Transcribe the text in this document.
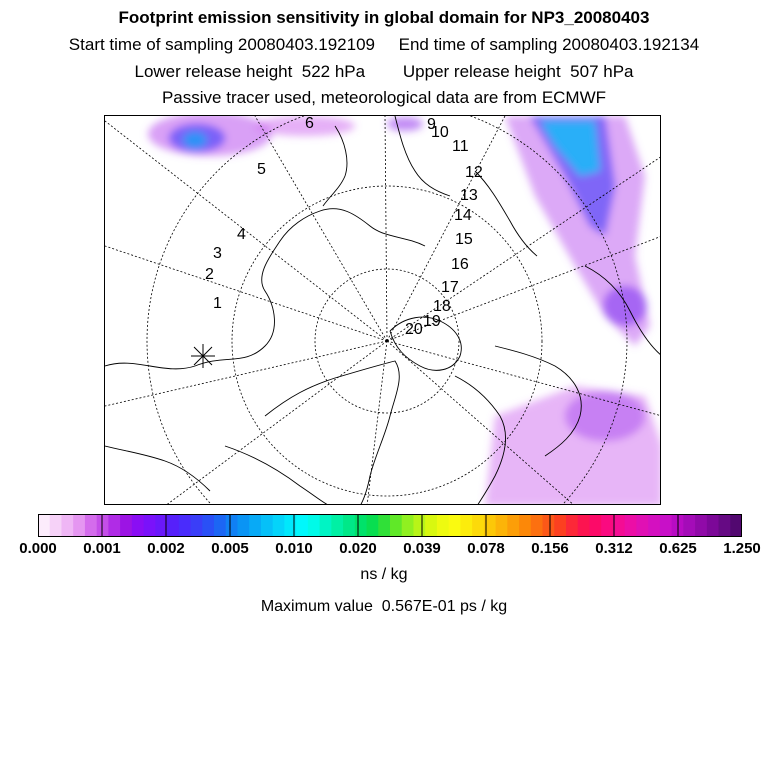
Footprint emission sensitivity in global domain for NP3_20080403
Start time of sampling 20080403.192109     End time of sampling 20080403.192134
Lower release height  522 hPa        Upper release height  507 hPa
Passive tracer used, meteorological data are from ECMWF
1
2
3
4
5
6	9
10
11
12
13
14
15
16
17
18
19
20
0.000 0.001 0.002 0.005 0.010 0.020 0.039 0.078 0.156 0.312 0.625 1.250
ns / kg
Maximum value  0.567E-01 ps / kg
